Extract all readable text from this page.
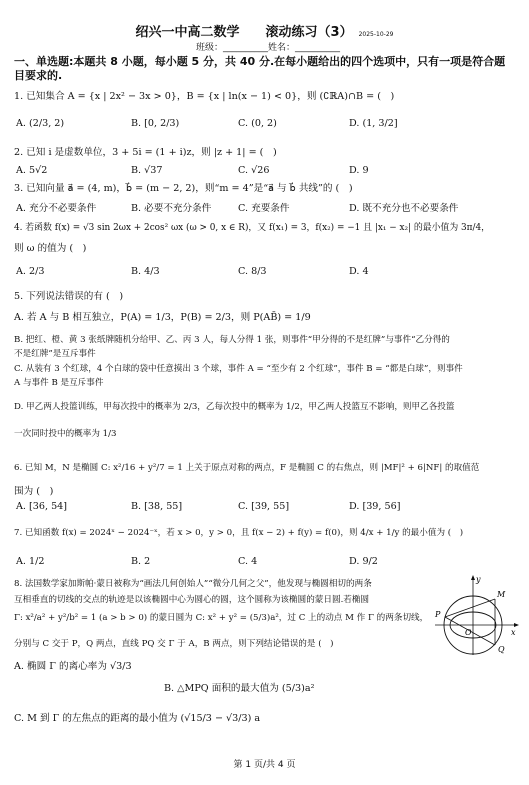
绍兴一中高二数学　　滚动练习（3） 2025-10-29
班级：__________姓名：__________
一、单选题:本题共 8 小题，每小题 5 分，共 40 分.在每小题给出的四个选项中，只有一项是符合题
目要求的.
1. 已知集合 A = {x | 2x² − 3x > 0}，B = {x | ln(x − 1) < 0}，则 (∁ℝA)∩B = (　)
A. (2/3, 2)	B. [0, 2/3)	C. (0, 2)	D. (1, 3/2]
2. 已知 i 是虚数单位，3 + 5i = (1 + i)z，则 |z + 1| = (　)
A. 5√2	B. √37	C. √26	D. 9
3. 已知向量 a⃗ = (4, m)，b⃗ = (m − 2, 2)，则“m = 4”是“a⃗ 与 b⃗ 共线”的 (　)
A. 充分不必要条件	B. 必要不充分条件	C. 充要条件	D. 既不充分也不必要条件
4. 若函数 f(x) = √3 sin 2ωx + 2cos² ωx (ω > 0, x ∈ R)，又 f(x₁) = 3，f(x₂) = −1 且 |x₁ − x₂| 的最小值为 3π/4，
则 ω 的值为 (　)
A. 2/3	B. 4/3	C. 8/3	D. 4
5. 下列说法错误的有 (　)
A. 若 A 与 B 相互独立，P(A) = 1/3，P(B) = 2/3，则 P(AB̄) = 1/9
B. 把红、橙、黄 3 张纸牌随机分给甲、乙、丙 3 人，每人分得 1 张，则事件“甲分得的不是红牌”与事件“乙分得的
不是红牌”是互斥事件
C. 从装有 3 个红球，4 个白球的袋中任意摸出 3 个球，事件 A = “至少有 2 个红球”，事件 B = “都是白球”，则事件
A 与事件 B 是互斥事件
D. 甲乙两人投篮训练，甲每次投中的概率为 2/3，乙每次投中的概率为 1/2，甲乙两人投篮互不影响，则甲乙各投篮
一次同时投中的概率为 1/3
6. 已知 M，N 是椭圆 C: x²/16 + y²/7 = 1 上关于原点对称的两点，F 是椭圆 C 的右焦点，则 |MF|² + 6|NF| 的取值范
围为 (　)
A. [36, 54]	B. [38, 55]	C. [39, 55]	D. [39, 56]
7. 已知函数 f(x) = 2024ˣ − 2024⁻ˣ，若 x > 0，y > 0，且 f(x − 2) + f(y) = f(0)，则 4/x + 1/y 的最小值为 (　)
A. 1/2	B. 2	C. 4	D. 9/2
8. 法国数学家加斯帕·蒙日被称为“画法几何创始人”“微分几何之父”，他发现与椭圆相切的两条
互相垂直的切线的交点的轨迹是以该椭圆中心为圆心的圆，这个圆称为该椭圆的蒙日圆.若椭圆
Γ: x²/a² + y²/b² = 1 (a > b > 0) 的蒙日圆为 C: x² + y² = (5/3)a²，过 C 上的动点 M 作 Γ 的两条切线，
分别与 C 交于 P，Q 两点，直线 PQ 交 Γ 于 A，B 两点，则下列结论错误的是 (　)
A. 椭圆 Γ 的离心率为 √3/3
B. △MPQ 面积的最大值为 (5/3)a²
C. M 到 Γ 的左焦点的距离的最小值为 (√15/3 − √3/3) a
y
M
P
O
Q
x
第 1 页/共 4 页
